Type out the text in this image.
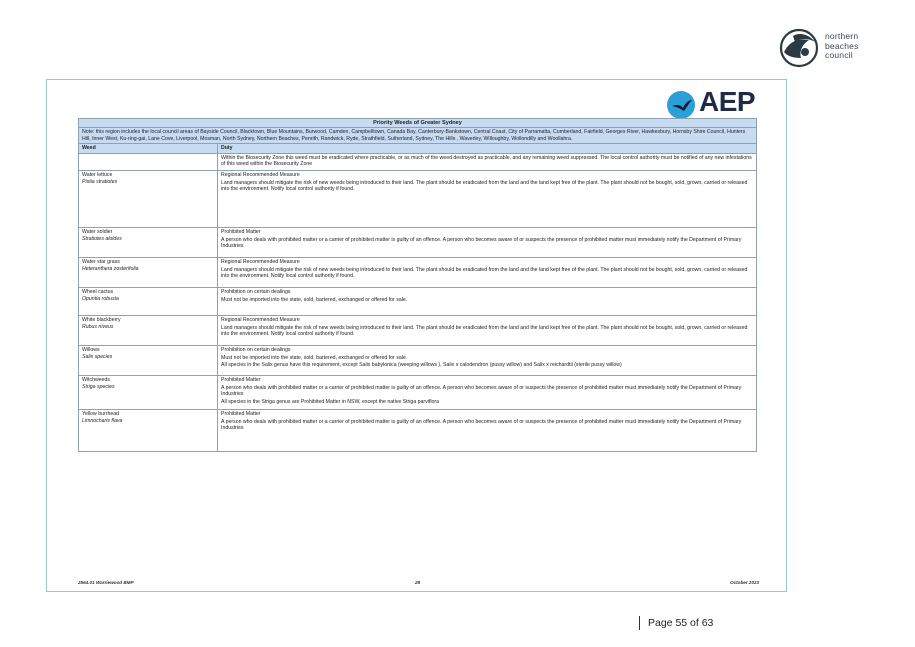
northern
beaches
council
AEP
Priority Weeds of Greater Sydney	
Note: this region includes the local council areas of Bayside Council, Blacktown, Blue Mountains, Burwood, Camden, Campbelltown, Canada Bay, Canterbury-Bankstown, Central Coast, City of Parramatta, Cumberland, Fairfield, Georges River, Hawkesbury, Hornsby Shire Council, Hunters Hill, Inner West, Ku-ring-gai, Lane Cove, Liverpool, Mosman, North Sydney, Northern Beaches, Penrith, Randwick, Ryde, Strathfield, Sutherland, Sydney, The Hills , Waverley, Willoughby, Wollondilly and Woollahra.	
Weed	Duty
	Within the Biosecurity Zone this weed must be eradicated where practicable, or as much of the weed destroyed as practicable, and any remaining weed suppressed. The local control authority must be notified of any new infestations of this weed within the Biosecurity Zone

Water lettuce
Pistia stratiotes	Regional Recommended Measure
Land managers should mitigate the risk of new weeds being introduced to their land. The plant should be eradicated from the land and the land kept free of the plant. The plant should not be bought, sold, grown, carried or released into the environment. Notify local control authority if found.

Water soldier
Stratiotes aloides	Prohibited Matter
A person who deals with prohibited matter or a carrier of prohibited matter is guilty of an offence. A person who becomes aware of or suspects the presence of prohibited matter must immediately notify the Department of Primary Industries

Water star grass
Heteranthera zosterifolia	Regional Recommended Measure
Land managers should mitigate the risk of new weeds being introduced to their land. The plant should be eradicated from the land and the land kept free of the plant. The plant should not be bought, sold, grown, carried or released into the environment. Notify local control authority if found.

Wheel cactus
Opuntia robusta	Prohibition on certain dealings
Must not be imported into the state, sold, bartered, exchanged or offered for sale.

White blackberry
Rubus niveus	Regional Recommended Measure
Land managers should mitigate the risk of new weeds being introduced to their land. The plant should be eradicated from the land and the land kept free of the plant. The plant should not be bought, sold, grown, carried or released into the environment. Notify local control authority if found.

Willows
Salix species	Prohibition on certain dealings
Must not be imported into the state, sold, bartered, exchanged or offered for sale.
All species in the Salix genus have this requirement, except Salix babylonica (weeping willows ), Salix x calodendron (pussy willow) and Salix x reichardtii (sterile pussy willow)

Witchweeds
Striga species	Prohibited Matter
A person who deals with prohibited matter or a carrier of prohibited matter is guilty of an offence. A person who becomes aware of or suspects the presence of prohibited matter must immediately notify the Department of Primary Industries
All species in the Striga genus are Prohibited Matter in NSW, except the native Striga parviflora

Yellow burrhead
Limnocharis flava	Prohibited Matter
A person who deals with prohibited matter or a carrier of prohibited matter is guilty of an offence. A person who becomes aware of or suspects the presence of prohibited matter must immediately notify the Department of Primary Industries
2564.01 Warriewood BMP	28	October 2023
Page 55 of 63
